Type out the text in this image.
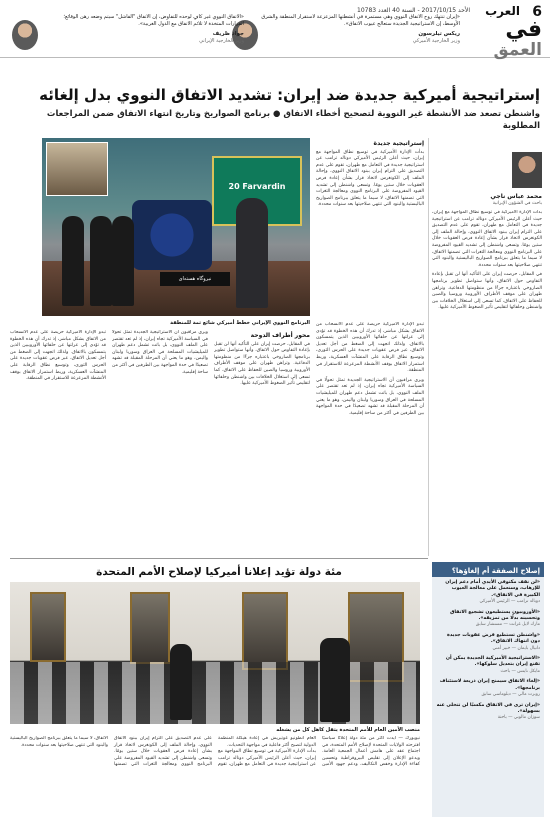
6
العرب
الأحد 2017/10/15 - السنة 40 العدد 10783
في
العمق
«إيران تنتهك روح الاتفاق النووي وهي مستمرة في أنشطتها المزعزعة لاستقرار المنطقة والشرق الأوسط، إن الاستراتيجية الجديدة ستعالج عيوب الاتفاق».
ريكس تيلرسون
وزير الخارجية الأميركي
«الاتفاق النووي غير كافٍ لوحده للتفاوض، إن الاتفاق "الفاشل" سيتم وضعه رهن الوقائع؛ القرارات المتخذة لا تلائم الاتفاق مع الدول الغربية».
جواد ظريف
وزير الخارجية الإيراني
إستراتيجية أميركية جديدة ضد إيران: تشديد الاتفاق النووي بدل إلغائه
واشنطن تصعد ضد الأنشطة غير النووية لتصحيح أخطاء الاتفاق ● برنامج الصواريخ وتاريخ انتهاء الاتفاق ضمن المراجعات المطلوبة
20 Farvardin
نیروگاه هسته‌ای
البرنامج النووي الإيراني خطط أميركي شائع ثمة للمنطقة
إستراتيجية جديدة
بدأت الإدارة الأميركية في توسيع نطاق المواجهة مع إيران، حيث أعلن الرئيس الأميركي دونالد ترامب عن استراتيجية جديدة في التعامل مع طهران، تقوم على عدم التصديق على التزام إيران ببنود الاتفاق النووي، وإحالة الملف إلى الكونغرس لاتخاذ قرار بشأن إعادة فرض العقوبات خلال ستين يومًا. وتسعى واشنطن إلى تشديد القيود المفروضة على البرنامج النووي ومعالجة الثغرات التي تضمنها الاتفاق، لا سيما ما يتعلق ببرنامج الصواريخ الباليستية والبنود التي تنتهي صلاحيتها بعد سنوات محددة.
محمد عباس ناجي
باحث في الشؤون الإيرانية
بدأت الإدارة الأميركية في توسيع نطاق المواجهة مع إيران، حيث أعلن الرئيس الأميركي دونالد ترامب عن استراتيجية جديدة في التعامل مع طهران، تقوم على عدم التصديق على التزام إيران ببنود الاتفاق النووي، وإحالة الملف إلى الكونغرس لاتخاذ قرار بشأن إعادة فرض العقوبات خلال ستين يومًا. وتسعى واشنطن إلى تشديد القيود المفروضة على البرنامج النووي ومعالجة الثغرات التي تضمنها الاتفاق، لا سيما ما يتعلق ببرنامج الصواريخ الباليستية والبنود التي تنتهي صلاحيتها بعد سنوات محددة.
في المقابل، حرصت إيران على التأكيد أنها لن تقبل بإعادة التفاوض حول الاتفاق، وأنها ستواصل تطوير برنامجها الصاروخي باعتباره جزءًا من منظومتها الدفاعية. وتراهن طهران على موقف الأطراف الأوروبية وروسيا والصين للحفاظ على الاتفاق، كما تسعى إلى استغلال الخلافات بين واشنطن وحلفائها لتقليص تأثير الضغوط الأميركية عليها.
تبدو الإدارة الأميركية حريصة على عدم الانسحاب من الاتفاق بشكل مباشر، إذ تدرك أن هذه الخطوة قد تؤدي إلى عزلتها عن حلفائها الأوروبيين الذين يتمسكون بالاتفاق. ولذلك اتجهت إلى الضغط من أجل تعديل الاتفاق، عبر فرض عقوبات جديدة على الحرس الثوري، وتوسيع نطاق الرقابة على المنشآت العسكرية، وربط استمرار الاتفاق بوقف الأنشطة المزعزعة للاستقرار في المنطقة.
ويرى مراقبون أن الاستراتيجية الجديدة تمثل تحولًا في السياسة الأميركية تجاه إيران، إذ لم تعد تقتصر على الملف النووي، بل باتت تشمل دعم طهران للميليشيات المسلحة في العراق وسوريا ولبنان واليمن، وهو ما يعني أن المرحلة المقبلة قد تشهد تصعيدًا في حدة المواجهة بين الطرفين في أكثر من ساحة إقليمية.
محور أطراف الدوحة
في المقابل، حرصت إيران على التأكيد أنها لن تقبل بإعادة التفاوض حول الاتفاق، وأنها ستواصل تطوير برنامجها الصاروخي باعتباره جزءًا من منظومتها الدفاعية. وتراهن طهران على موقف الأطراف الأوروبية وروسيا والصين للحفاظ على الاتفاق، كما تسعى إلى استغلال الخلافات بين واشنطن وحلفائها لتقليص تأثير الضغوط الأميركية عليها.
ويرى مراقبون أن الاستراتيجية الجديدة تمثل تحولًا في السياسة الأميركية تجاه إيران، إذ لم تعد تقتصر على الملف النووي، بل باتت تشمل دعم طهران للميليشيات المسلحة في العراق وسوريا ولبنان واليمن، وهو ما يعني أن المرحلة المقبلة قد تشهد تصعيدًا في حدة المواجهة بين الطرفين في أكثر من ساحة إقليمية.
تبدو الإدارة الأميركية حريصة على عدم الانسحاب من الاتفاق بشكل مباشر، إذ تدرك أن هذه الخطوة قد تؤدي إلى عزلتها عن حلفائها الأوروبيين الذين يتمسكون بالاتفاق. ولذلك اتجهت إلى الضغط من أجل تعديل الاتفاق، عبر فرض عقوبات جديدة على الحرس الثوري، وتوسيع نطاق الرقابة على المنشآت العسكرية، وربط استمرار الاتفاق بوقف الأنشطة المزعزعة للاستقرار في المنطقة.
مئة دولة تؤيد إعلانا أميركيا لإصلاح الأمم المتحدة
منصب الأمين العام للأمم المتحدة يثقل كاهل كل من يشغله
نيويورك — أيدت أكثر من مئة دولة إعلانًا سياسيًا اقترحته الولايات المتحدة لإصلاح الأمم المتحدة، في اجتماع عقد على هامش أعمال الجمعية العامة. ويدعو الإعلان إلى تقليص البيروقراطية وتحسين كفاءة الإدارة وخفض التكاليف، ودعم جهود الأمين العام أنطونيو غوتيريش في إعادة هيكلة المنظمة الدولية لتصبح أكثر فاعلية في مواجهة التحديات.
بدأت الإدارة الأميركية في توسيع نطاق المواجهة مع إيران، حيث أعلن الرئيس الأميركي دونالد ترامب عن استراتيجية جديدة في التعامل مع طهران، تقوم على عدم التصديق على التزام إيران ببنود الاتفاق النووي، وإحالة الملف إلى الكونغرس لاتخاذ قرار بشأن إعادة فرض العقوبات خلال ستين يومًا. وتسعى واشنطن إلى تشديد القيود المفروضة على البرنامج النووي ومعالجة الثغرات التي تضمنها الاتفاق، لا سيما ما يتعلق ببرنامج الصواريخ الباليستية والبنود التي تنتهي صلاحيتها بعد سنوات محددة.
إصلاح الصفقة أم إلغاؤها؟
«لن نقف مكتوفي الأيدي أمام دعم إيران للإرهاب، وسنعمل على معالجة العيوب الكبيرة في الاتفاق».
دونالد ترامب — الرئيس الأميركي
«الأوروبيون يستطيعون تشجيع الاتفاق وتحسينه بدلًا من تمزيقه».
مارك لايل غرانت — مستشار سابق
«واشنطن تستطيع فرض عقوبات جديدة دون انتهاك الاتفاق».
دانيال بايمان — خبير أمني
«الاستراتيجية الأميركية الجديدة يمكن أن تقنع إيران بتعديل سلوكها».
مايكل نايتس — باحث
«إلغاء الاتفاق سيمنح إيران ذريعة لاستئناف برنامجها».
روبرت مالي — دبلوماسي سابق
«إيران ترى في الاتفاق مكسبًا لن تتخلى عنه بسهولة».
سوزان مالوني — باحثة
